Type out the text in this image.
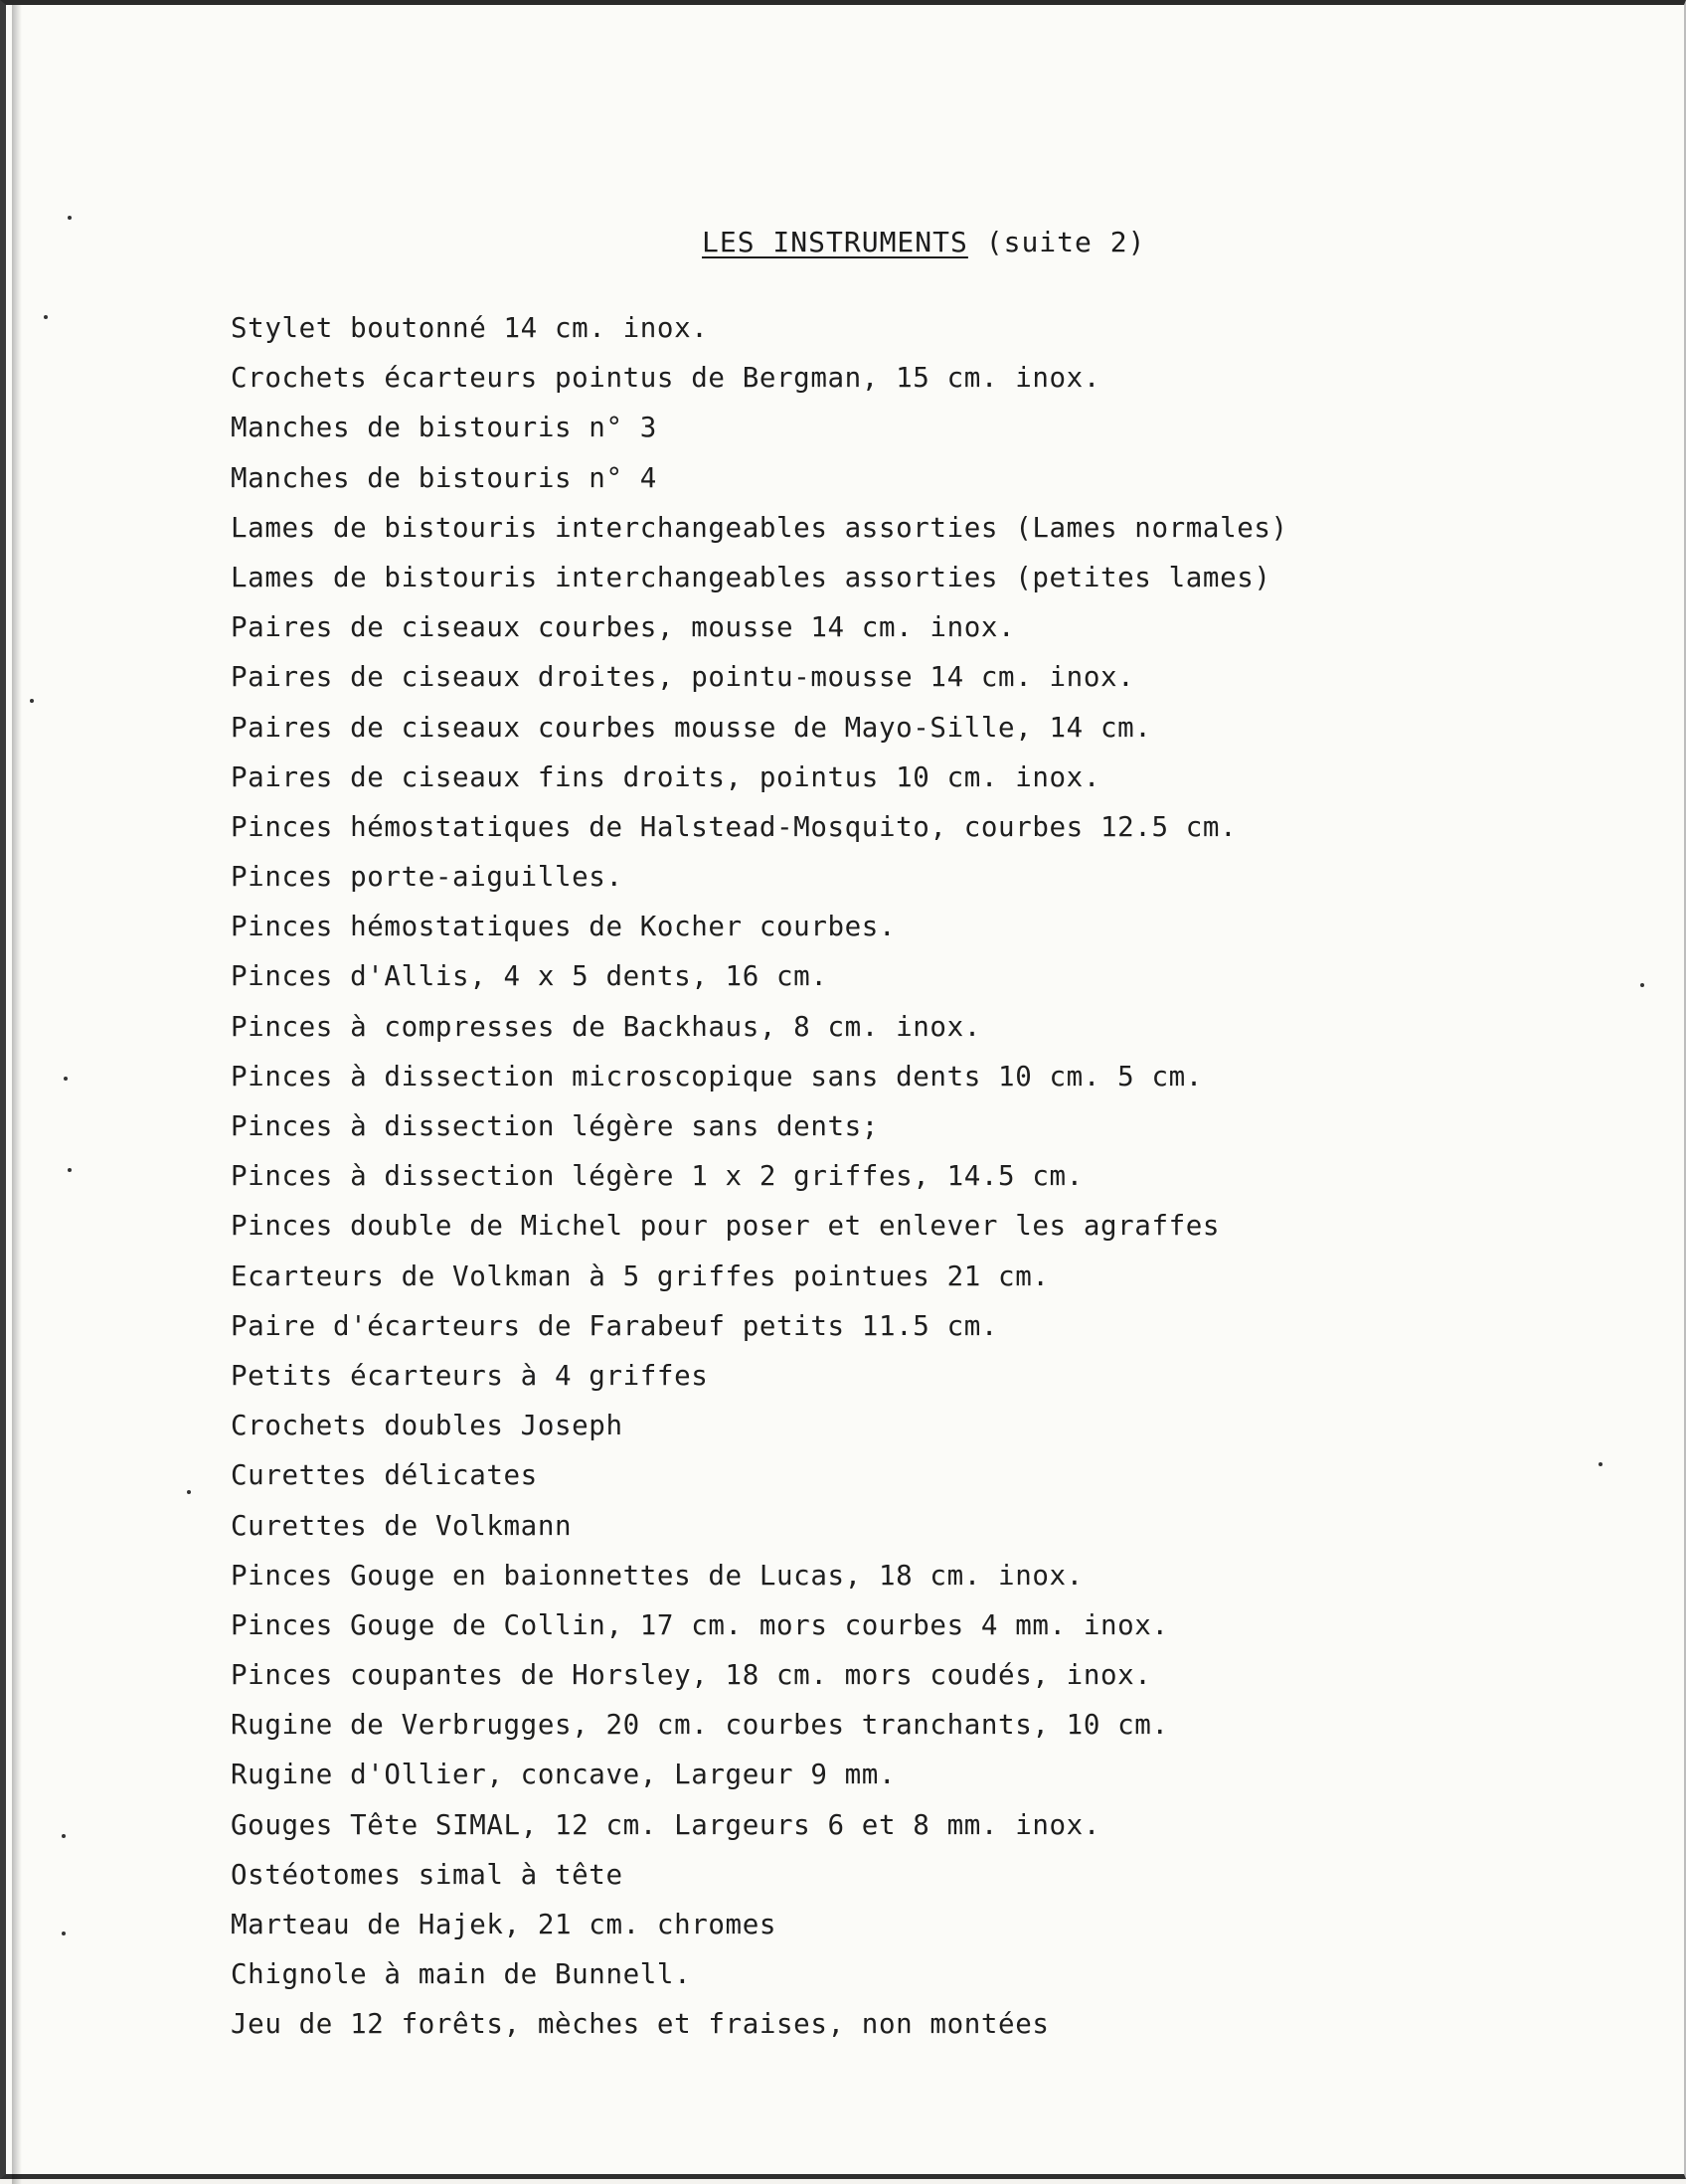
LES INSTRUMENTS (suite 2)
Stylet boutonné 14 cm. inox.
Crochets écarteurs pointus de Bergman, 15 cm. inox.
Manches de bistouris n° 3
Manches de bistouris n° 4
Lames de bistouris interchangeables assorties (Lames normales)
Lames de bistouris interchangeables assorties (petites lames)
Paires de ciseaux courbes, mousse 14 cm. inox.
Paires de ciseaux droites, pointu-mousse 14 cm. inox.
Paires de ciseaux courbes mousse de Mayo-Sille, 14 cm.
Paires de ciseaux fins droits, pointus 10 cm. inox.
Pinces hémostatiques de Halstead-Mosquito, courbes 12.5 cm.
Pinces porte-aiguilles.
Pinces hémostatiques de Kocher courbes.
Pinces d'Allis, 4 x 5 dents, 16 cm.
Pinces à compresses de Backhaus, 8 cm. inox.
Pinces à dissection microscopique sans dents 10 cm. 5 cm.
Pinces à dissection légère sans dents;
Pinces à dissection légère 1 x 2 griffes, 14.5 cm.
Pinces double de Michel pour poser et enlever les agraffes
Ecarteurs de Volkman à 5 griffes pointues 21 cm.
Paire d'écarteurs de Farabeuf petits 11.5 cm.
Petits écarteurs à 4 griffes
Crochets doubles Joseph
Curettes délicates
Curettes de Volkmann
Pinces Gouge en baionnettes de Lucas, 18 cm. inox.
Pinces Gouge de Collin, 17 cm. mors courbes 4 mm. inox.
Pinces coupantes de Horsley, 18 cm. mors coudés, inox.
Rugine de Verbrugges, 20 cm. courbes tranchants, 10 cm.
Rugine d'Ollier, concave, Largeur 9 mm.
Gouges Tête SIMAL, 12 cm. Largeurs 6 et 8 mm. inox.
Ostéotomes simal à tête
Marteau de Hajek, 21 cm. chromes
Chignole à main de Bunnell.
Jeu de 12 forêts, mèches et fraises, non montées
